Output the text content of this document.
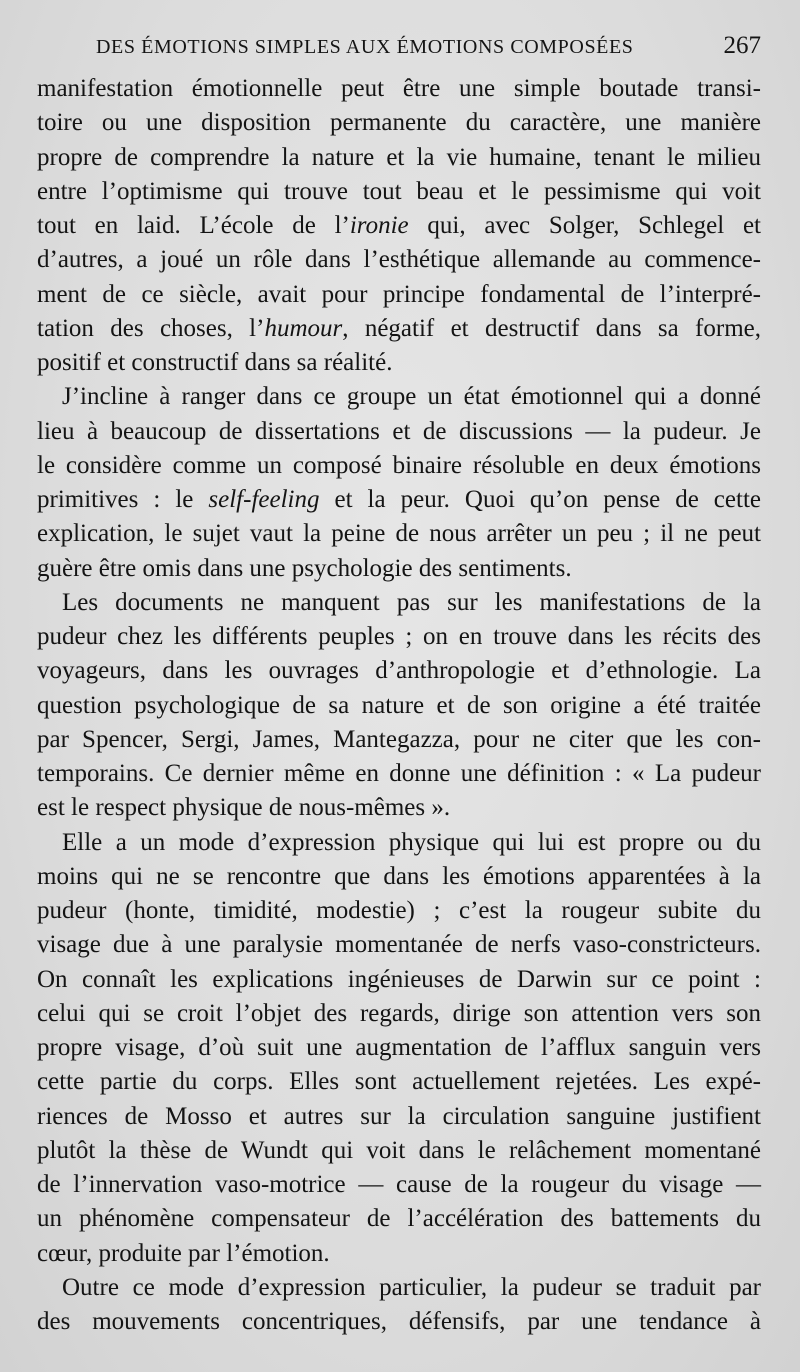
DES ÉMOTIONS SIMPLES AUX ÉMOTIONS COMPOSÉES	267

manifestation émotionnelle peut être une simple boutade transi-
toire ou une disposition permanente du caractère, une manière
propre de comprendre la nature et la vie humaine, tenant le milieu
entre l’optimisme qui trouve tout beau et le pessimisme qui voit
tout en laid. L’école de l’ironie qui, avec Solger, Schlegel et
d’autres, a joué un rôle dans l’esthétique allemande au commence-
ment de ce siècle, avait pour principe fondamental de l’interpré-
tation des choses, l’humour, négatif et destructif dans sa forme,
positif et constructif dans sa réalité.

J’incline à ranger dans ce groupe un état émotionnel qui a donné
lieu à beaucoup de dissertations et de discussions — la pudeur. Je
le considère comme un composé binaire résoluble en deux émotions
primitives : le self-feeling et la peur. Quoi qu’on pense de cette
explication, le sujet vaut la peine de nous arrêter un peu ; il ne peut
guère être omis dans une psychologie des sentiments.

Les documents ne manquent pas sur les manifestations de la
pudeur chez les différents peuples ; on en trouve dans les récits des
voyageurs, dans les ouvrages d’anthropologie et d’ethnologie. La
question psychologique de sa nature et de son origine a été traitée
par Spencer, Sergi, James, Mantegazza, pour ne citer que les con-
temporains. Ce dernier même en donne une définition : « La pudeur
est le respect physique de nous-mêmes ».

Elle a un mode d’expression physique qui lui est propre ou du
moins qui ne se rencontre que dans les émotions apparentées à la
pudeur (honte, timidité, modestie) ; c’est la rougeur subite du
visage due à une paralysie momentanée de nerfs vaso-constricteurs.
On connaît les explications ingénieuses de Darwin sur ce point :
celui qui se croit l’objet des regards, dirige son attention vers son
propre visage, d’où suit une augmentation de l’afflux sanguin vers
cette partie du corps. Elles sont actuellement rejetées. Les expé-
riences de Mosso et autres sur la circulation sanguine justifient
plutôt la thèse de Wundt qui voit dans le relâchement momentané
de l’innervation vaso-motrice — cause de la rougeur du visage —
un phénomène compensateur de l’accélération des battements du
cœur, produite par l’émotion.

Outre ce mode d’expression particulier, la pudeur se traduit par
des mouvements concentriques, défensifs, par une tendance à
